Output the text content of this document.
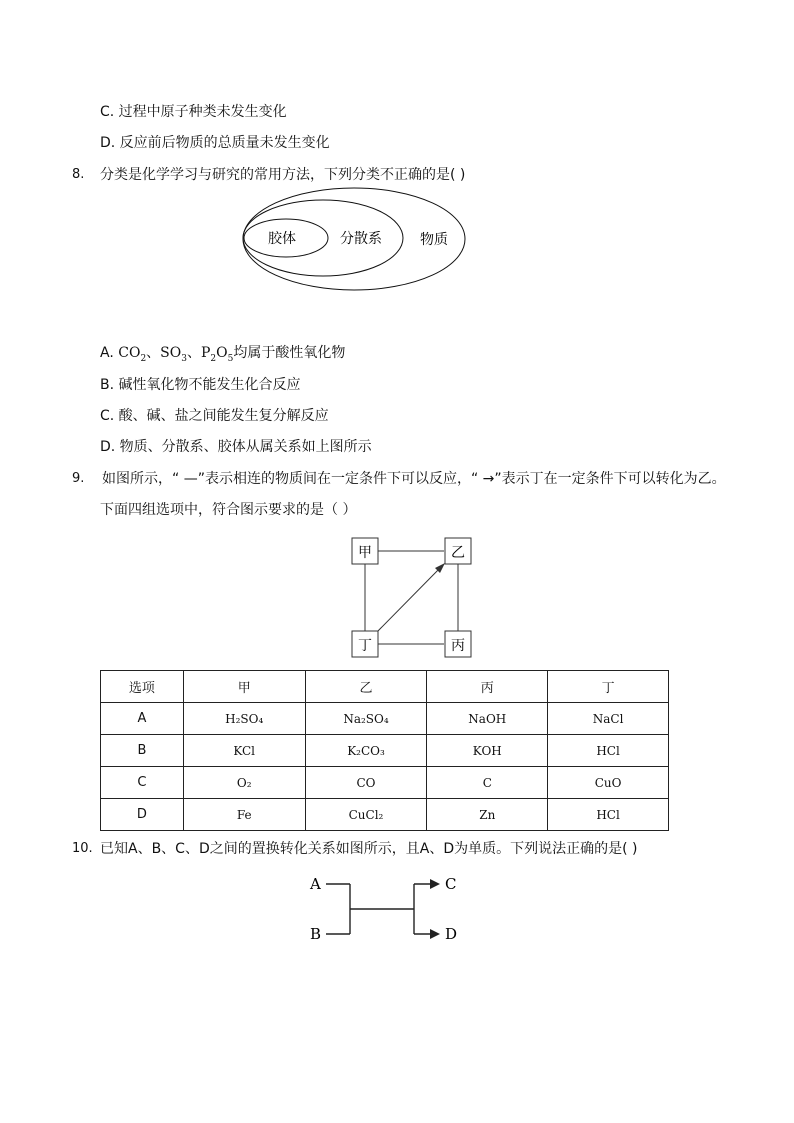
C. 过程中原子种类未发生变化
D. 反应前后物质的总质量未发生变化
8. 分类是化学学习与研究的常用方法，下列分类不正确的是( )
胶体	分散系	物质
A. $CO_2$、$SO_3$、$P_2O_5$均属于酸性氧化物
B. 碱性氧化物不能发生化合反应
C. 酸、碱、盐之间能发生复分解反应
D. 物质、分散系、胶体从属关系如上图所示
9. 如图所示，“ —”表示相连的物质间在一定条件下可以反应，“ →”表示丁在一定条件下可以转化为乙。
下面四组选项中，符合图示要求的是（ ）
甲	乙
丁	丙
选项	甲	乙	丙	丁
A	H₂SO₄	Na₂SO₄	NaOH	NaCl
B	KCl	K₂CO₃	KOH	HCl
C	O₂	CO	C	CuO
D	Fe	CuCl₂	Zn	HCl
10. 已知A、B、C、D之间的置换转化关系如图所示，且A、D为单质。下列说法正确的是( )
A
B
C
D
